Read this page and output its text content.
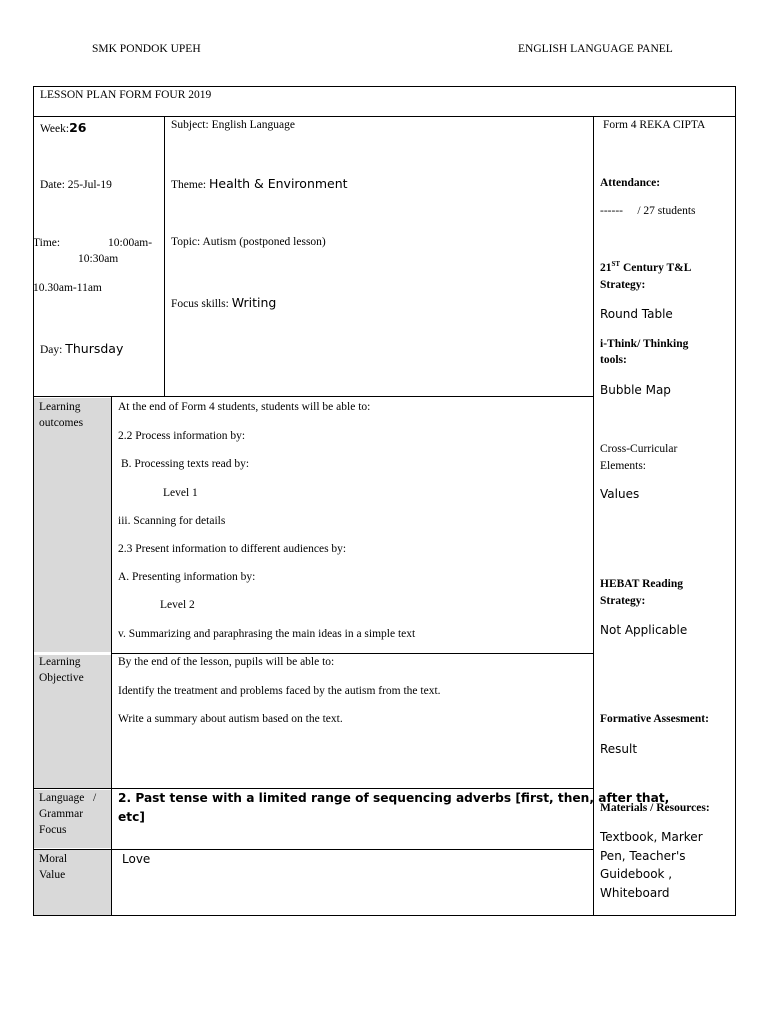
SMK PONDOK UPEH	ENGLISH LANGUAGE PANEL
LESSON PLAN FORM FOUR 2019
Week:26
Date: 25-Jul-19
Time:	10:00am-
10:30am
10.30am-11am
Day: Thursday
Subject: English Language
Theme: Health & Environment
Topic: Autism (postponed lesson)
Focus skills: Writing
Form 4 REKA CIPTA
Attendance:
------     / 27 students
21ST Century T&L
Strategy:
Round Table
i-Think/ Thinking
tools:
Bubble Map
Cross-Curricular
Elements:
Values
HEBAT Reading
Strategy:
Not Applicable
Formative Assesment:
Result
Materials / Resources:
Textbook, Marker
Pen, Teacher's
Guidebook ,
Whiteboard
Learning
outcomes
At the end of Form 4 students, students will be able to:
2.2 Process information by:
B. Processing texts read by:
Level 1
iii. Scanning for details
2.3 Present information to different audiences by:
A. Presenting information by:
Level 2
v. Summarizing and paraphrasing the main ideas in a simple text
Learning
Objective
By the end of the lesson, pupils will be able to:
Identify the treatment and problems faced by the autism from the text.
Write a summary about autism based on the text.
Language   /
Grammar
Focus
2. Past tense with a limited range of sequencing adverbs [first, then, after that,
etc]
Moral
Value
Love
